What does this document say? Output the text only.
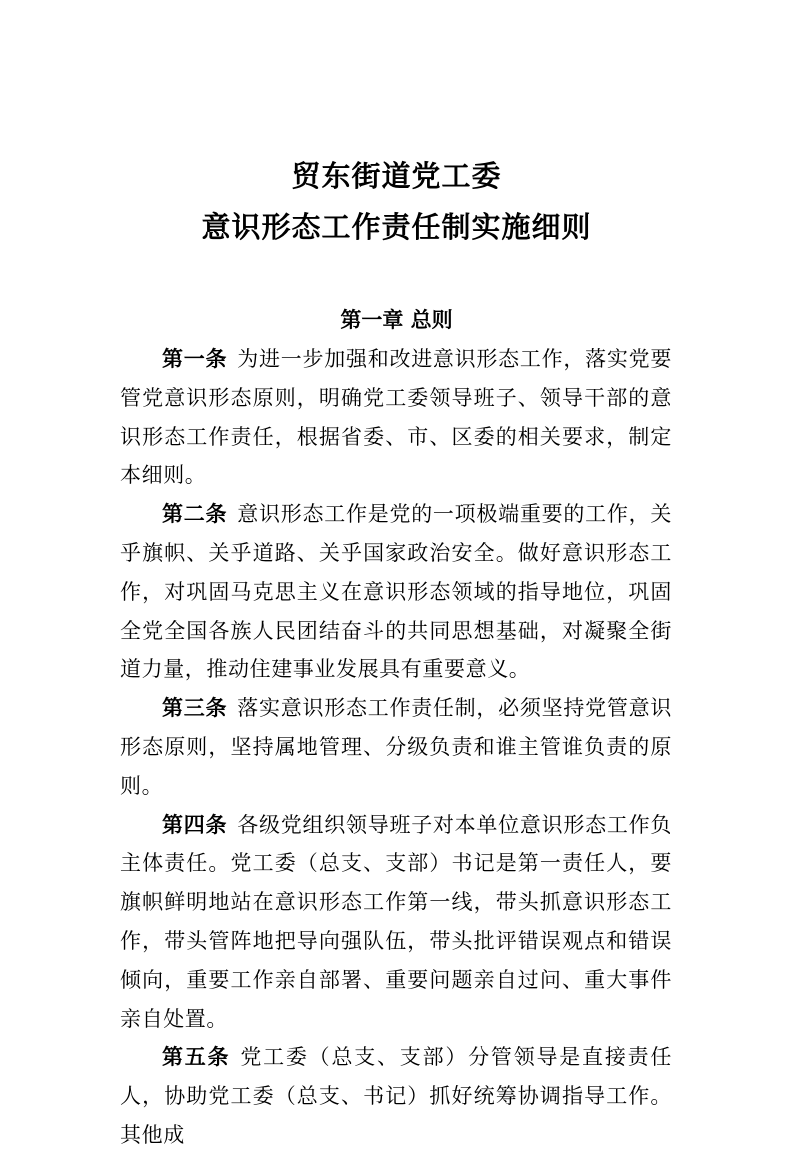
贸东街道党工委
意识形态工作责任制实施细则
第一章 总则

第一条 为进一步加强和改进意识形态工作，落实党要管党意识形态原则，明确党工委领导班子、领导干部的意识形态工作责任，根据省委、市、区委的相关要求，制定本细则。

第二条 意识形态工作是党的一项极端重要的工作，关乎旗帜、关乎道路、关乎国家政治安全。做好意识形态工作，对巩固马克思主义在意识形态领域的指导地位，巩固全党全国各族人民团结奋斗的共同思想基础，对凝聚全街道力量，推动住建事业发展具有重要意义。

第三条 落实意识形态工作责任制，必须坚持党管意识形态原则，坚持属地管理、分级负责和谁主管谁负责的原则。

第四条 各级党组织领导班子对本单位意识形态工作负主体责任。党工委（总支、支部）书记是第一责任人，要旗帜鲜明地站在意识形态工作第一线，带头抓意识形态工作，带头管阵地把导向强队伍，带头批评错误观点和错误倾向，重要工作亲自部署、重要问题亲自过问、重大事件亲自处置。

第五条 党工委（总支、支部）分管领导是直接责任人，协助党工委（总支、书记）抓好统筹协调指导工作。其他成
